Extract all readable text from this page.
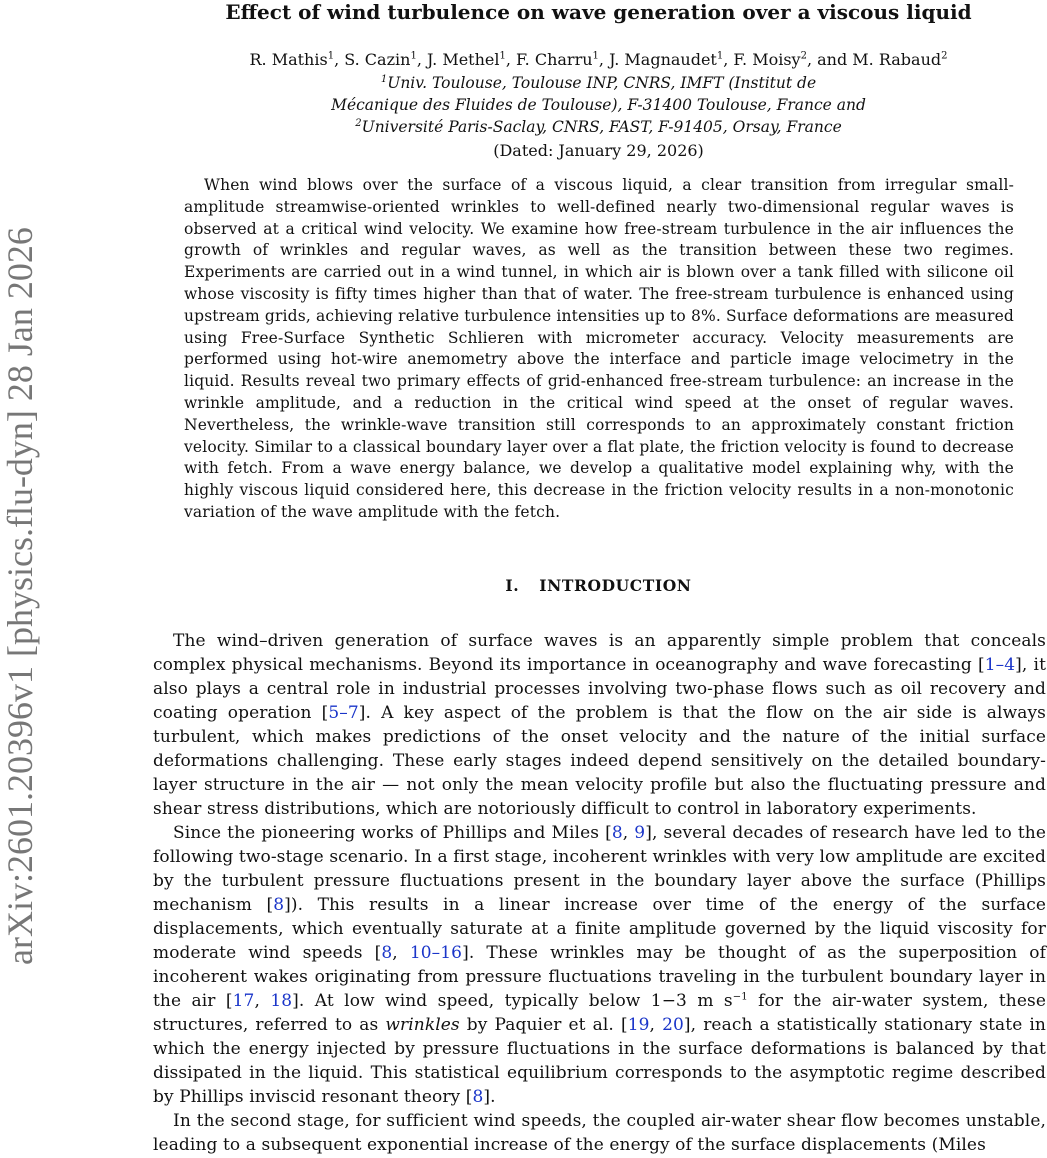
arXiv:2601.20396v1 [physics.flu-dyn] 28 Jan 2026
Effect of wind turbulence on wave generation over a viscous liquid
R. Mathis$^1$, S. Cazin$^1$, J. Methel$^1$, F. Charru$^1$, J. Magnaudet$^1$, F. Moisy$^2$, and M. Rabaud$^2$
$^1$Univ. Toulouse, Toulouse INP, CNRS, IMFT (Institut de
Mécanique des Fluides de Toulouse), F-31400 Toulouse, France and
$^2$Université Paris-Saclay, CNRS, FAST, F-91405, Orsay, France
(Dated: January 29, 2026)
When wind blows over the surface of a viscous liquid, a clear transition from irregular small-amplitude streamwise-oriented wrinkles to well-defined nearly two-dimensional regular waves is observed at a critical wind velocity. We examine how free-stream turbulence in the air influences the growth of wrinkles and regular waves, as well as the transition between these two regimes. Experiments are carried out in a wind tunnel, in which air is blown over a tank filled with silicone oil whose viscosity is fifty times higher than that of water. The free-stream turbulence is enhanced using upstream grids, achieving relative turbulence intensities up to 8%. Surface deformations are measured using Free-Surface Synthetic Schlieren with micrometer accuracy. Velocity measurements are performed using hot-wire anemometry above the interface and particle image velocimetry in the liquid. Results reveal two primary effects of grid-enhanced free-stream turbulence: an increase in the wrinkle amplitude, and a reduction in the critical wind speed at the onset of regular waves. Nevertheless, the wrinkle-wave transition still corresponds to an approximately constant friction velocity. Similar to a classical boundary layer over a flat plate, the friction velocity is found to decrease with fetch. From a wave energy balance, we develop a qualitative model explaining why, with the highly viscous liquid considered here, this decrease in the friction velocity results in a non-monotonic variation of the wave amplitude with the fetch.
I. INTRODUCTION

The wind–driven generation of surface waves is an apparently simple problem that conceals complex physical mechanisms. Beyond its importance in oceanography and wave forecasting [1–4], it also plays a central role in industrial processes involving two-phase flows such as oil recovery and coating operation [5–7]. A key aspect of the problem is that the flow on the air side is always turbulent, which makes predictions of the onset velocity and the nature of the initial surface deformations challenging. These early stages indeed depend sensitively on the detailed boundary-layer structure in the air — not only the mean velocity profile but also the fluctuating pressure and shear stress distributions, which are notoriously difficult to control in laboratory experiments.

Since the pioneering works of Phillips and Miles [8, 9], several decades of research have led to the following two-stage scenario. In a first stage, incoherent wrinkles with very low amplitude are excited by the turbulent pressure fluctuations present in the boundary layer above the surface (Phillips mechanism [8]). This results in a linear increase over time of the energy of the surface displacements, which eventually saturate at a finite amplitude governed by the liquid viscosity for moderate wind speeds [8, 10–16]. These wrinkles may be thought of as the superposition of incoherent wakes originating from pressure fluctuations traveling in the turbulent boundary layer in the air [17, 18]. At low wind speed, typically below 1−3 m $s^{-1}$ for the air-water system, these structures, referred to as wrinkles by Paquier et al. [19, 20], reach a statistically stationary state in which the energy injected by pressure fluctuations in the surface deformations is balanced by that dissipated in the liquid. This statistical equilibrium corresponds to the asymptotic regime described by Phillips inviscid resonant theory [8].

In the second stage, for sufficient wind speeds, the coupled air-water shear flow becomes unstable, leading to a subsequent exponential increase of the energy of the surface displacements (Miles
